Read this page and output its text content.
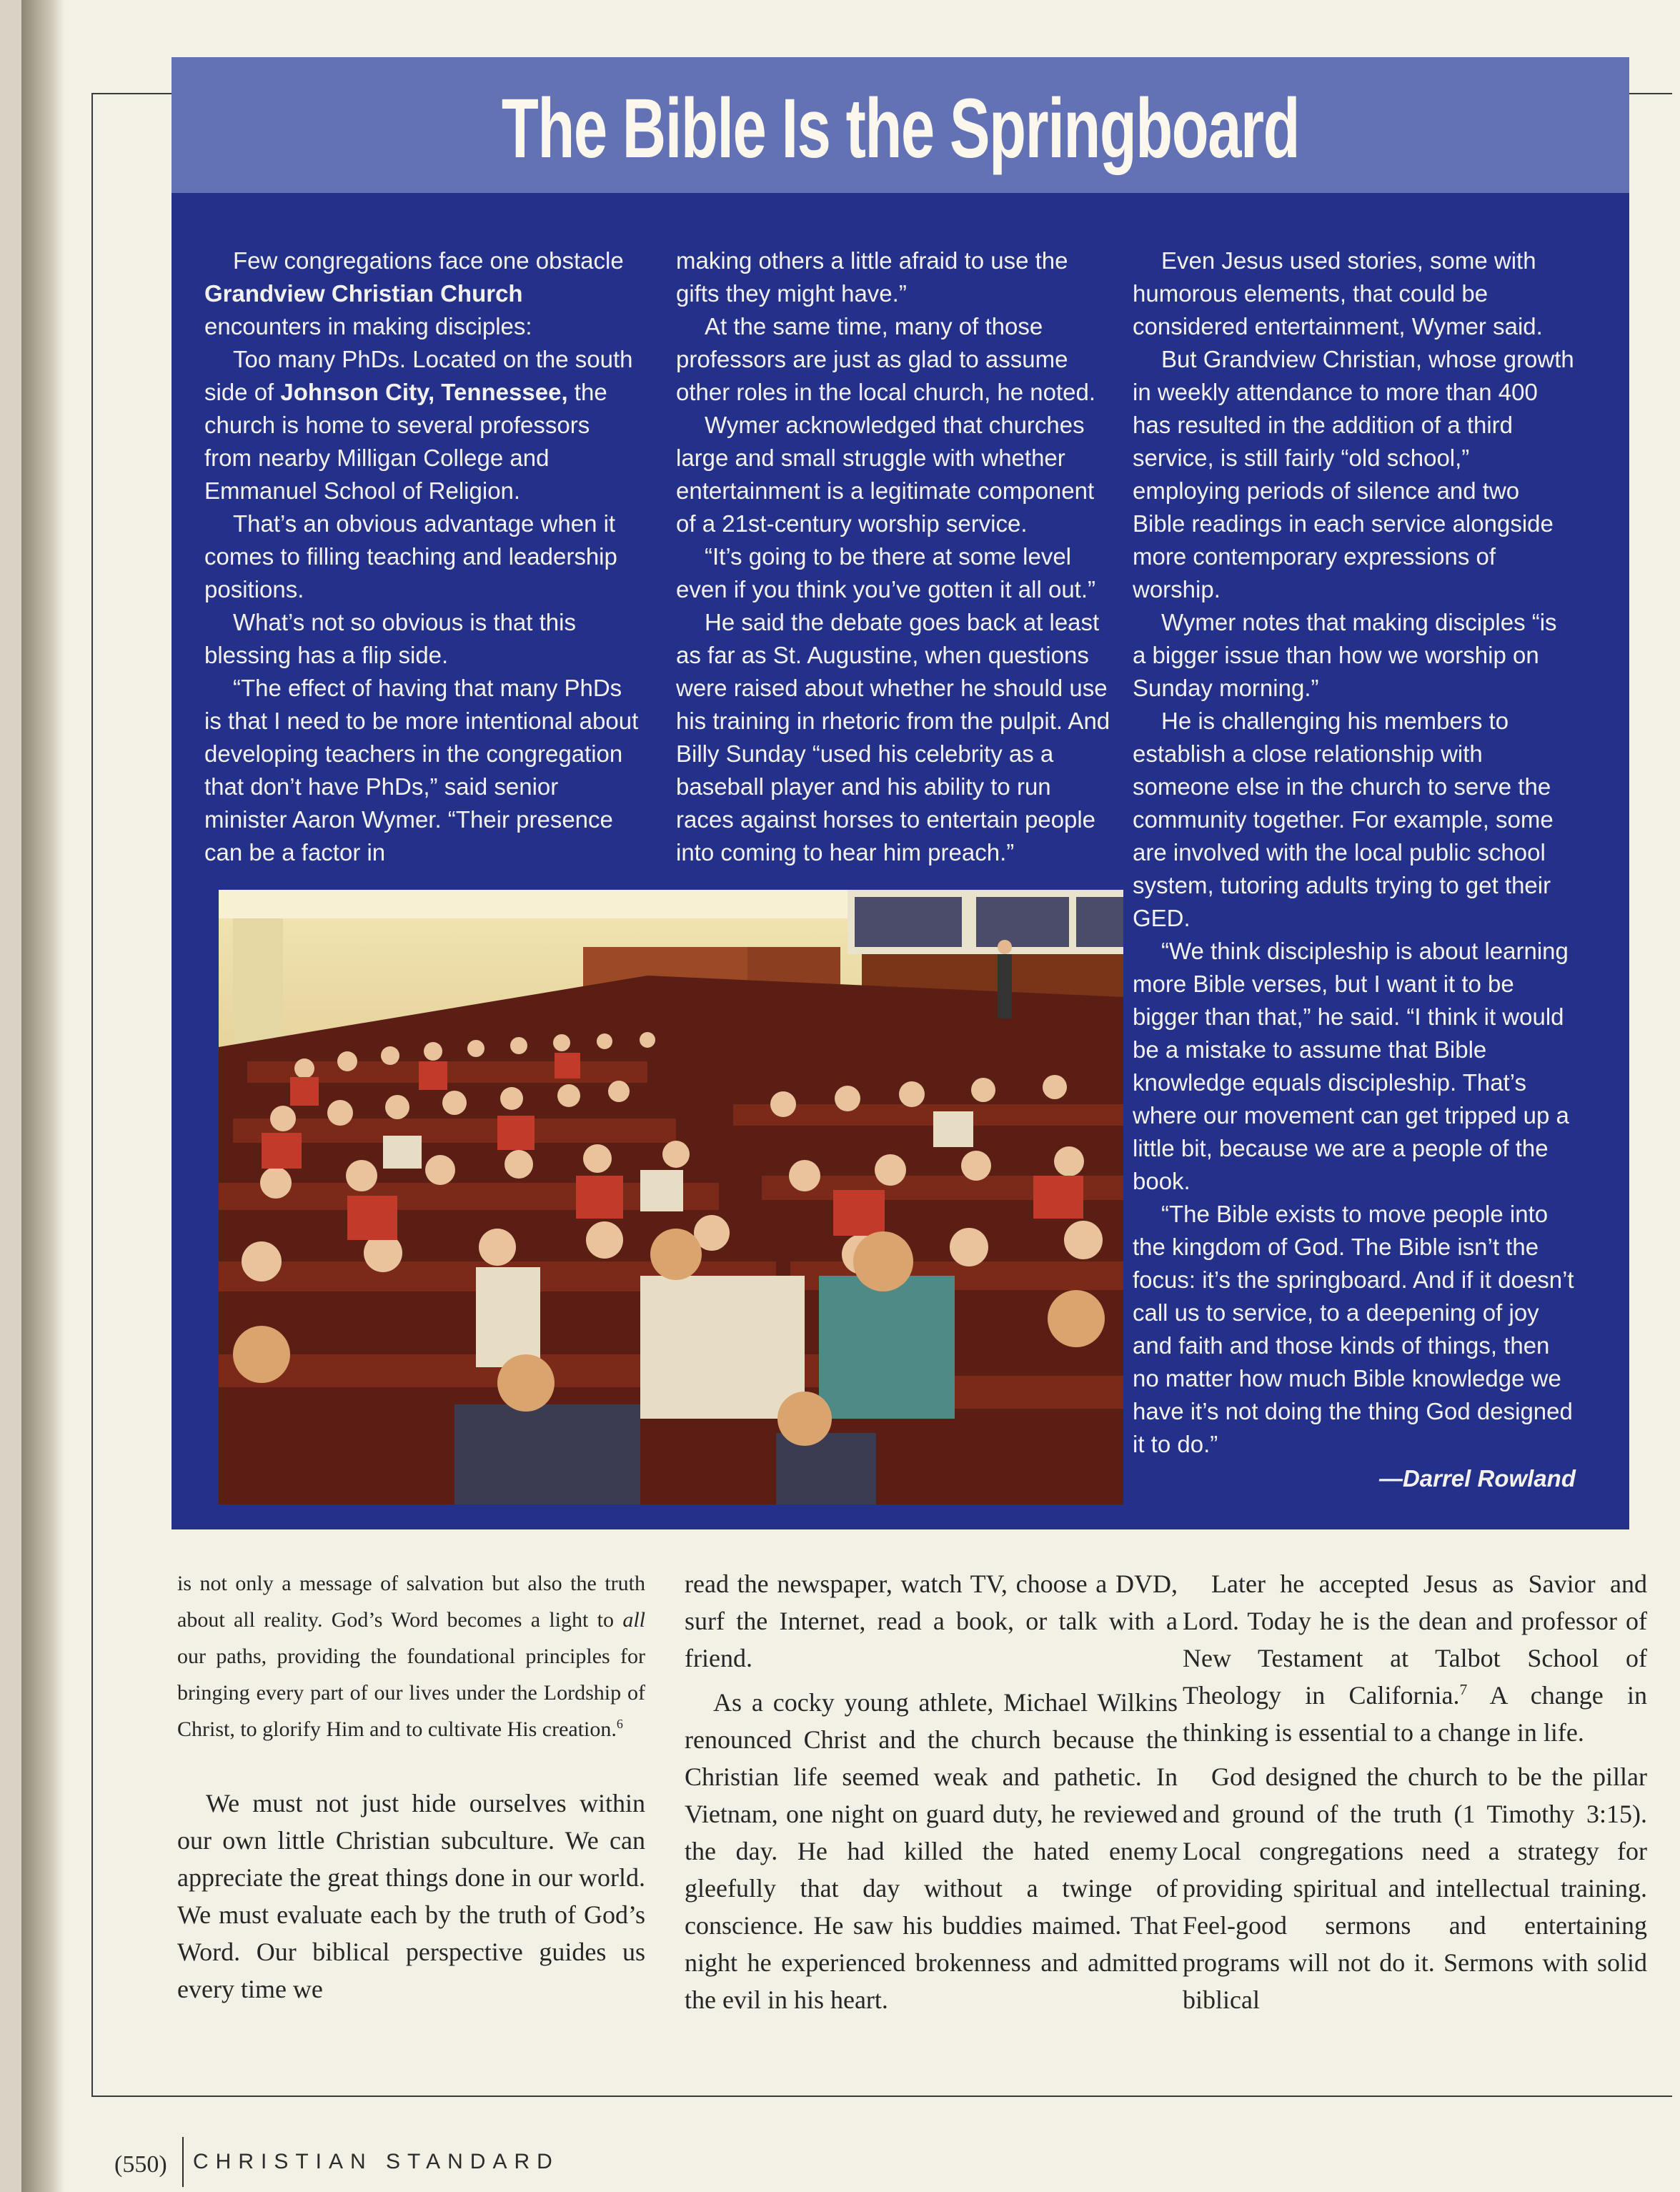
The Bible Is the Springboard

Few congregations face one obstacle Grandview Christian Church encounters in making disciples:

Too many PhDs. Located on the south side of Johnson City, Tennessee, the church is home to several professors from nearby Milligan College and Emmanuel School of Religion.

That’s an obvious advantage when it comes to filling teaching and leadership positions.

What’s not so obvious is that this blessing has a flip side.

“The effect of having that many PhDs is that I need to be more intentional about developing teachers in the congregation that don’t have PhDs,” said senior minister Aaron Wymer. “Their presence can be a factor in

making others a little afraid to use the gifts they might have.”

At the same time, many of those professors are just as glad to assume other roles in the local church, he noted.

Wymer acknowledged that churches large and small struggle with whether entertainment is a legitimate component of a 21st-century worship service.

“It’s going to be there at some level even if you think you’ve gotten it all out.”

He said the debate goes back at least as far as St. Augustine, when questions were raised about whether he should use his training in rhetoric from the pulpit. And Billy Sunday “used his celebrity as a baseball player and his ability to run races against horses to entertain people into coming to hear him preach.”

Even Jesus used stories, some with humorous elements, that could be considered entertainment, Wymer said.

But Grandview Christian, whose growth in weekly attendance to more than 400 has resulted in the addition of a third service, is still fairly “old school,” employing periods of silence and two Bible readings in each service alongside more contemporary expressions of worship.

Wymer notes that making disciples “is a bigger issue than how we worship on Sunday morning.”

He is challenging his members to establish a close relationship with someone else in the church to serve the community together. For example, some are involved with the local public school system, tutoring adults trying to get their GED.

“We think discipleship is about learning more Bible verses, but I want it to be bigger than that,” he said. “I think it would be a mistake to assume that Bible knowledge equals discipleship. That’s where our movement can get tripped up a little bit, because we are a people of the book.

“The Bible exists to move people into the kingdom of God. The Bible isn’t the focus: it’s the springboard. And if it doesn’t call us to service, to a deepening of joy and faith and those kinds of things, then no matter how much Bible knowledge we have it’s not doing the thing God designed it to do.”

—Darrel Rowland

is not only a message of salvation but also the truth about all reality. God’s Word becomes a light to all our paths, providing the foundational principles for bringing every part of our lives under the Lordship of Christ, to glorify Him and to cultivate His creation.$^6$

We must not just hide ourselves within our own little Christian subculture. We can appreciate the great things done in our world. We must evaluate each by the truth of God’s Word. Our biblical perspective guides us every time we

read the newspaper, watch TV, choose a DVD, surf the Internet, read a book, or talk with a friend.

As a cocky young athlete, Michael Wilkins renounced Christ and the church because the Christian life seemed weak and pathetic. In Vietnam, one night on guard duty, he reviewed the day. He had killed the hated enemy gleefully that day without a twinge of conscience. He saw his buddies maimed. That night he experienced brokenness and admitted the evil in his heart.

Later he accepted Jesus as Savior and Lord. Today he is the dean and professor of New Testament at Talbot School of Theology in California.$^7$ A change in thinking is essential to a change in life.

God designed the church to be the pillar and ground of the truth (1 Timothy 3:15). Local congregations need a strategy for providing spiritual and intellectual training. Feel-good sermons and entertaining programs will not do it. Sermons with solid biblical

(550) CHRISTIAN STANDARD
